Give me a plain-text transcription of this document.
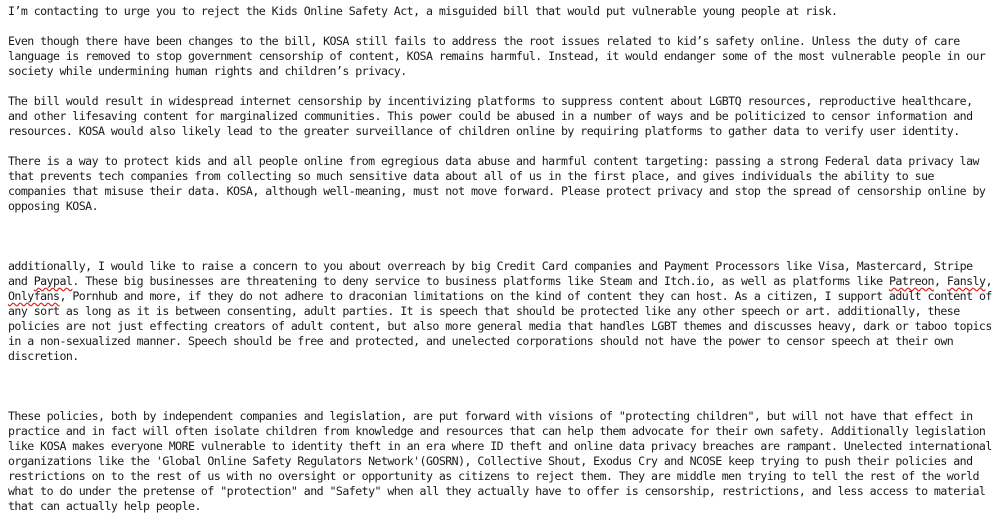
I’m contacting to urge you to reject the Kids Online Safety Act, a misguided bill that would put vulnerable young people at risk.

Even though there have been changes to the bill, KOSA still fails to address the root issues related to kid’s safety online. Unless the duty of care language is removed to stop government censorship of content, KOSA remains harmful. Instead, it would endanger some of the most vulnerable people in our society while undermining human rights and children’s privacy.

The bill would result in widespread internet censorship by incentivizing platforms to suppress content about LGBTQ resources, reproductive healthcare, and other lifesaving content for marginalized communities. This power could be abused in a number of ways and be politicized to censor information and resources. KOSA would also likely lead to the greater surveillance of children online by requiring platforms to gather data to verify user identity.

There is a way to protect kids and all people online from egregious data abuse and harmful content targeting: passing a strong Federal data privacy law that prevents tech companies from collecting so much sensitive data about all of us in the first place, and gives individuals the ability to sue companies that misuse their data. KOSA, although well-meaning, must not move forward. Please protect privacy and stop the spread of censorship online by opposing KOSA.

additionally, I would like to raise a concern to you about overreach by big Credit Card companies and Payment Processors like Visa, Mastercard, Stripe and Paypal. These big businesses are threatening to deny service to business platforms like Steam and Itch.io, as well as platforms like Patreon, Fansly, Onlyfans, Pornhub and more, if they do not adhere to draconian limitations on the kind of content they can host. As a citizen, I support adult content of any sort as long as it is between consenting, adult parties. It is speech that should be protected like any other speech or art. additionally, these policies are not just effecting creators of adult content, but also more general media that handles LGBT themes and discusses heavy, dark or taboo topics in a non-sexualized manner. Speech should be free and protected, and unelected corporations should not have the power to censor speech at their own discretion.

These policies, both by independent companies and legislation, are put forward with visions of "protecting children", but will not have that effect in practice and in fact will often isolate children from knowledge and resources that can help them advocate for their own safety. Additionally legislation like KOSA makes everyone MORE vulnerable to identity theft in an era where ID theft and online data privacy breaches are rampant. Unelected international organizations like the 'Global Online Safety Regulators Network'(GOSRN), Collective Shout, Exodus Cry and NCOSE keep trying to push their policies and restrictions on to the rest of us with no oversight or opportunity as citizens to reject them. They are middle men trying to tell the rest of the world what to do under the pretense of "protection" and "Safety" when all they actually have to offer is censorship, restrictions, and less access to material that can actually help people.
